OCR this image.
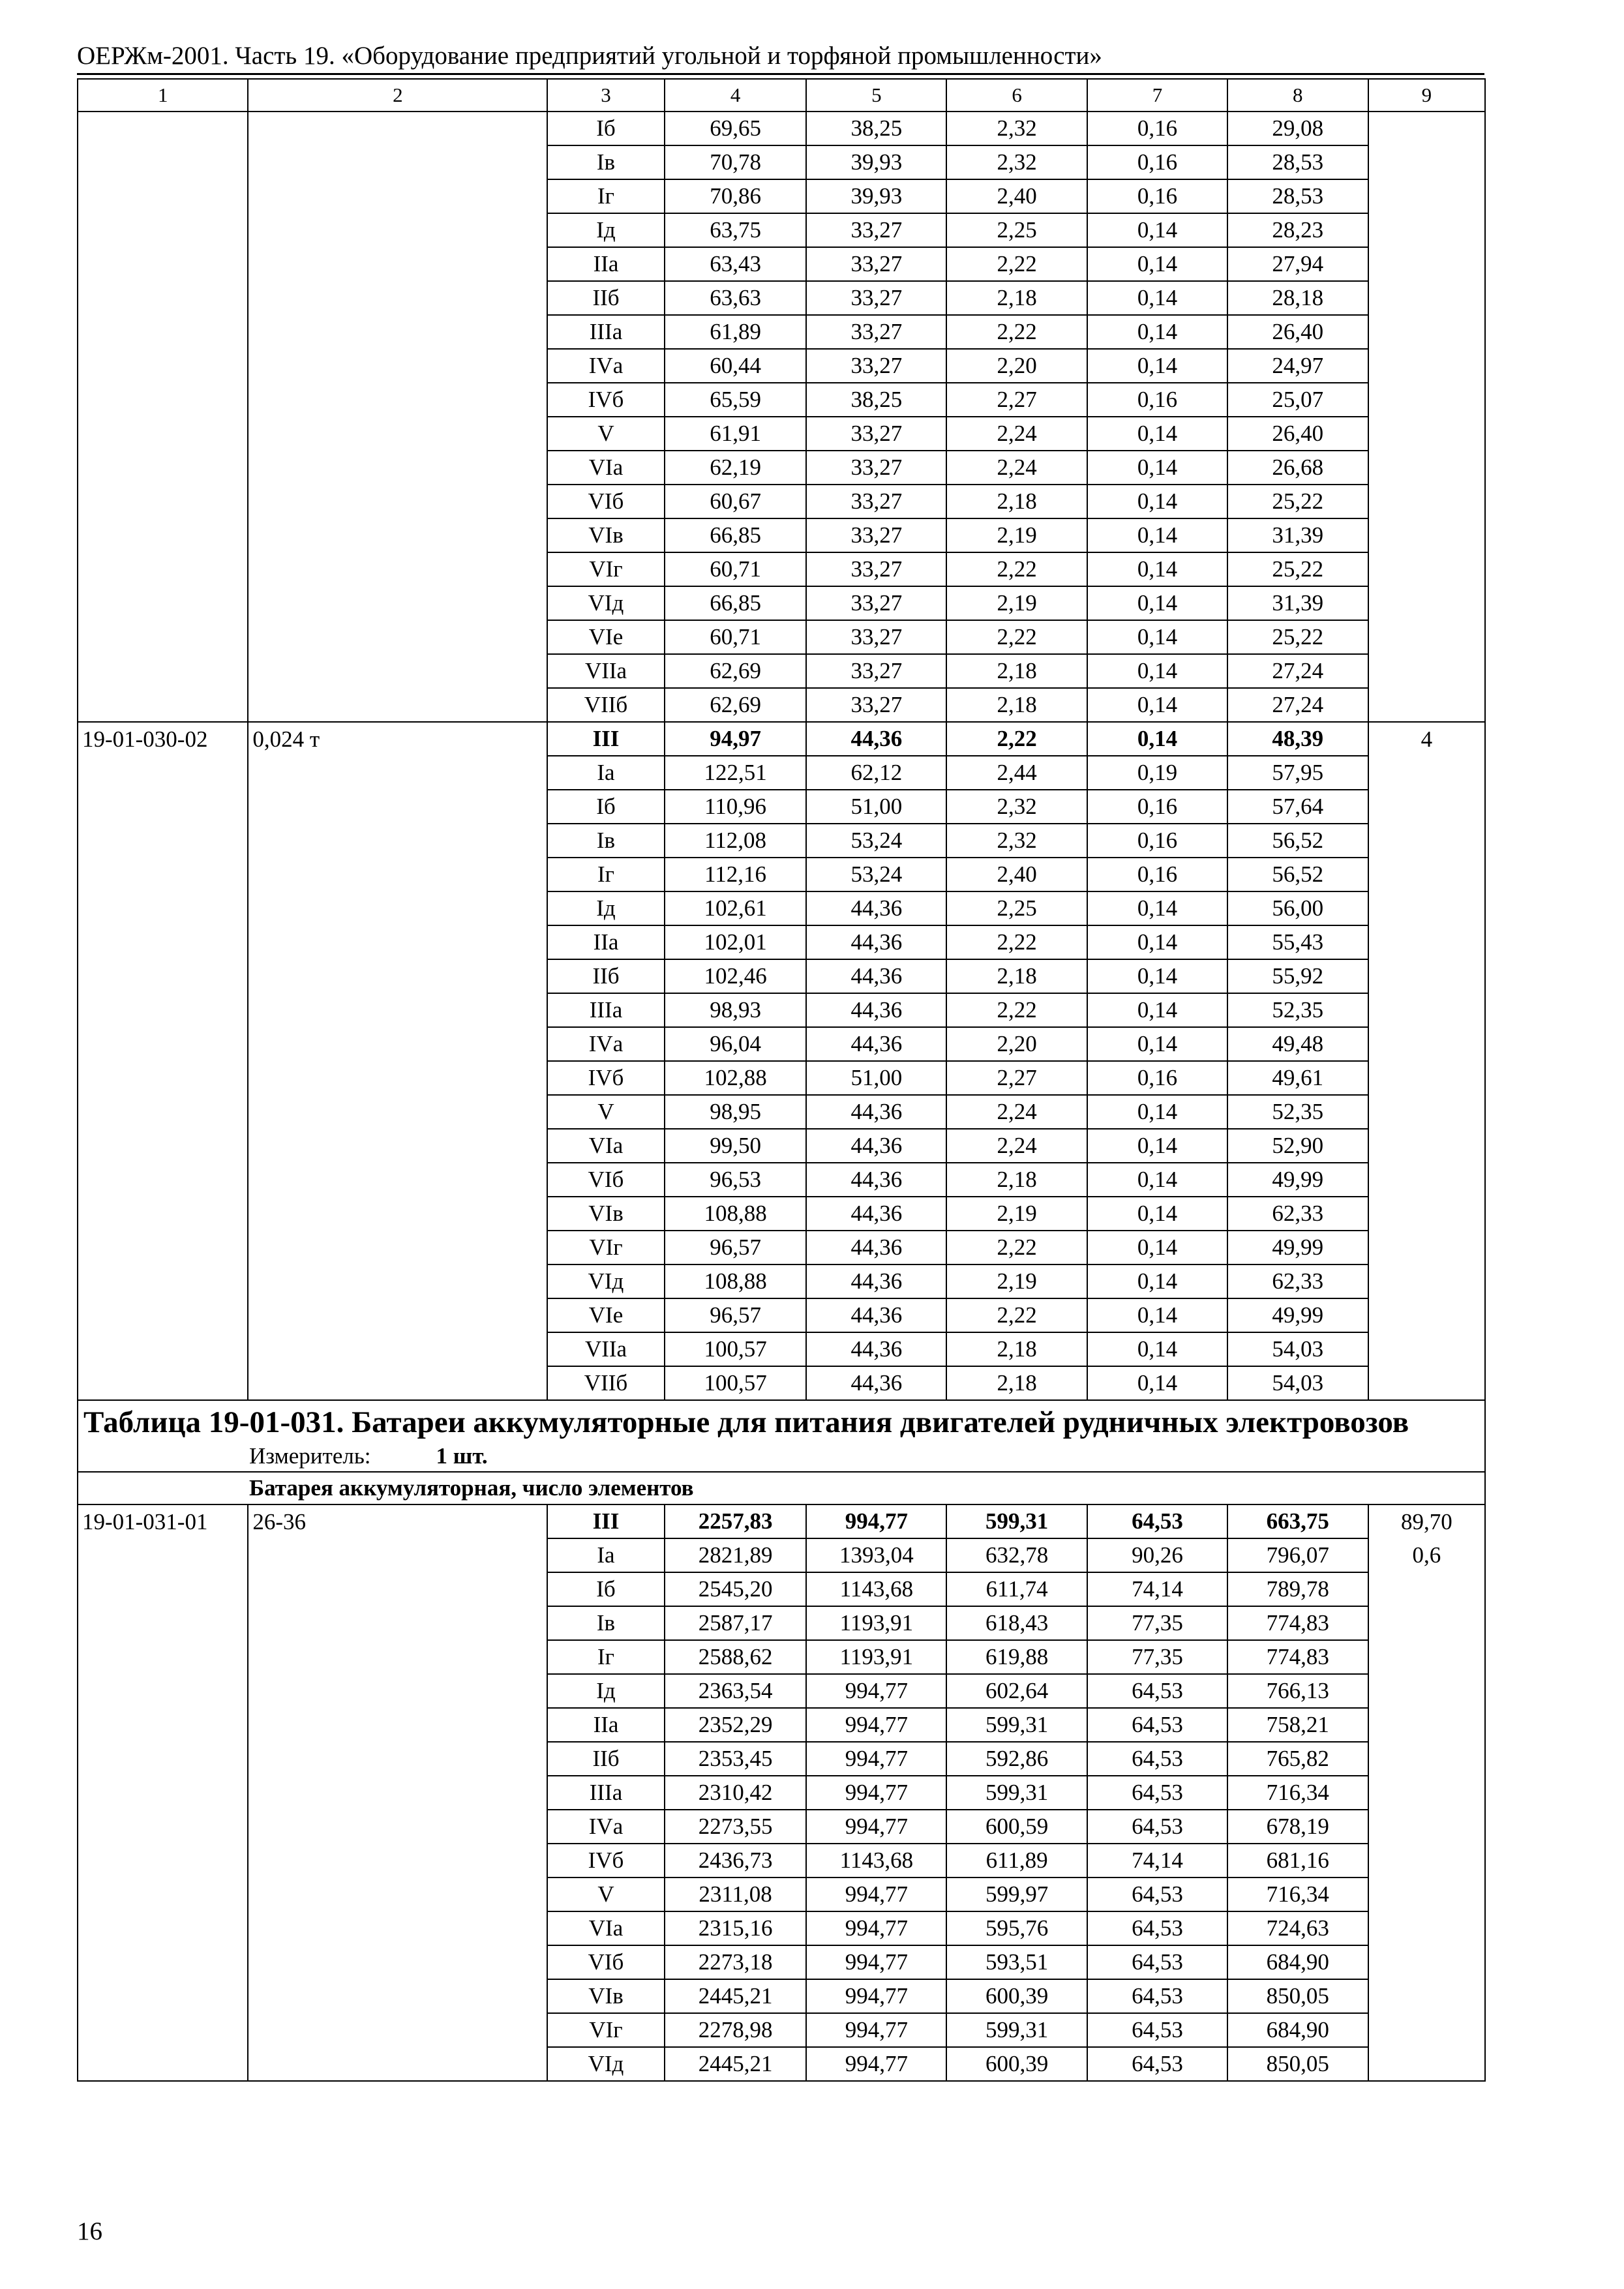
ОЕРЖм-2001. Часть 19. «Оборудование предприятий угольной и торфяной промышленности»
1	2	3	4	5	6	7	8	9
		Iб	69,65	38,25	2,32	0,16	29,08	
		Iв	70,78	39,93	2,32	0,16	28,53	
		Iг	70,86	39,93	2,40	0,16	28,53	
		Iд	63,75	33,27	2,25	0,14	28,23	
		IIа	63,43	33,27	2,22	0,14	27,94	
		IIб	63,63	33,27	2,18	0,14	28,18	
		IIIа	61,89	33,27	2,22	0,14	26,40	
		IVа	60,44	33,27	2,20	0,14	24,97	
		IVб	65,59	38,25	2,27	0,16	25,07	
		V	61,91	33,27	2,24	0,14	26,40	
		VIа	62,19	33,27	2,24	0,14	26,68	
		VIб	60,67	33,27	2,18	0,14	25,22	
		VIв	66,85	33,27	2,19	0,14	31,39	
		VIг	60,71	33,27	2,22	0,14	25,22	
		VIд	66,85	33,27	2,19	0,14	31,39	
		VIе	60,71	33,27	2,22	0,14	25,22	
		VIIа	62,69	33,27	2,18	0,14	27,24	
		VIIб	62,69	33,27	2,18	0,14	27,24	
19-01-030-02	0,024 т	III	94,97	44,36	2,22	0,14	48,39	4
		Iа	122,51	62,12	2,44	0,19	57,95	
		Iб	110,96	51,00	2,32	0,16	57,64	
		Iв	112,08	53,24	2,32	0,16	56,52	
		Iг	112,16	53,24	2,40	0,16	56,52	
		Iд	102,61	44,36	2,25	0,14	56,00	
		IIа	102,01	44,36	2,22	0,14	55,43	
		IIб	102,46	44,36	2,18	0,14	55,92	
		IIIа	98,93	44,36	2,22	0,14	52,35	
		IVа	96,04	44,36	2,20	0,14	49,48	
		IVб	102,88	51,00	2,27	0,16	49,61	
		V	98,95	44,36	2,24	0,14	52,35	
		VIа	99,50	44,36	2,24	0,14	52,90	
		VIб	96,53	44,36	2,18	0,14	49,99	
		VIв	108,88	44,36	2,19	0,14	62,33	
		VIг	96,57	44,36	2,22	0,14	49,99	
		VIд	108,88	44,36	2,19	0,14	62,33	
		VIе	96,57	44,36	2,22	0,14	49,99	
		VIIа	100,57	44,36	2,18	0,14	54,03	
		VIIб	100,57	44,36	2,18	0,14	54,03	

Таблица 19-01-031. Батареи аккумуляторные для питания двигателей рудничных электровозов
Измеритель: 1 шт.								

Батарея аккумуляторная, число элементов								
19-01-031-01	26-36	III	2257,83	994,77	599,31	64,53	663,75	89,70
		Iа	2821,89	1393,04	632,78	90,26	796,07	0,6
		Iб	2545,20	1143,68	611,74	74,14	789,78	
		Iв	2587,17	1193,91	618,43	77,35	774,83	
		Iг	2588,62	1193,91	619,88	77,35	774,83	
		Iд	2363,54	994,77	602,64	64,53	766,13	
		IIа	2352,29	994,77	599,31	64,53	758,21	
		IIб	2353,45	994,77	592,86	64,53	765,82	
		IIIа	2310,42	994,77	599,31	64,53	716,34	
		IVа	2273,55	994,77	600,59	64,53	678,19	
		IVб	2436,73	1143,68	611,89	74,14	681,16	
		V	2311,08	994,77	599,97	64,53	716,34	
		VIа	2315,16	994,77	595,76	64,53	724,63	
		VIб	2273,18	994,77	593,51	64,53	684,90	
		VIв	2445,21	994,77	600,39	64,53	850,05	
		VIг	2278,98	994,77	599,31	64,53	684,90	
		VIд	2445,21	994,77	600,39	64,53	850,05	
16
